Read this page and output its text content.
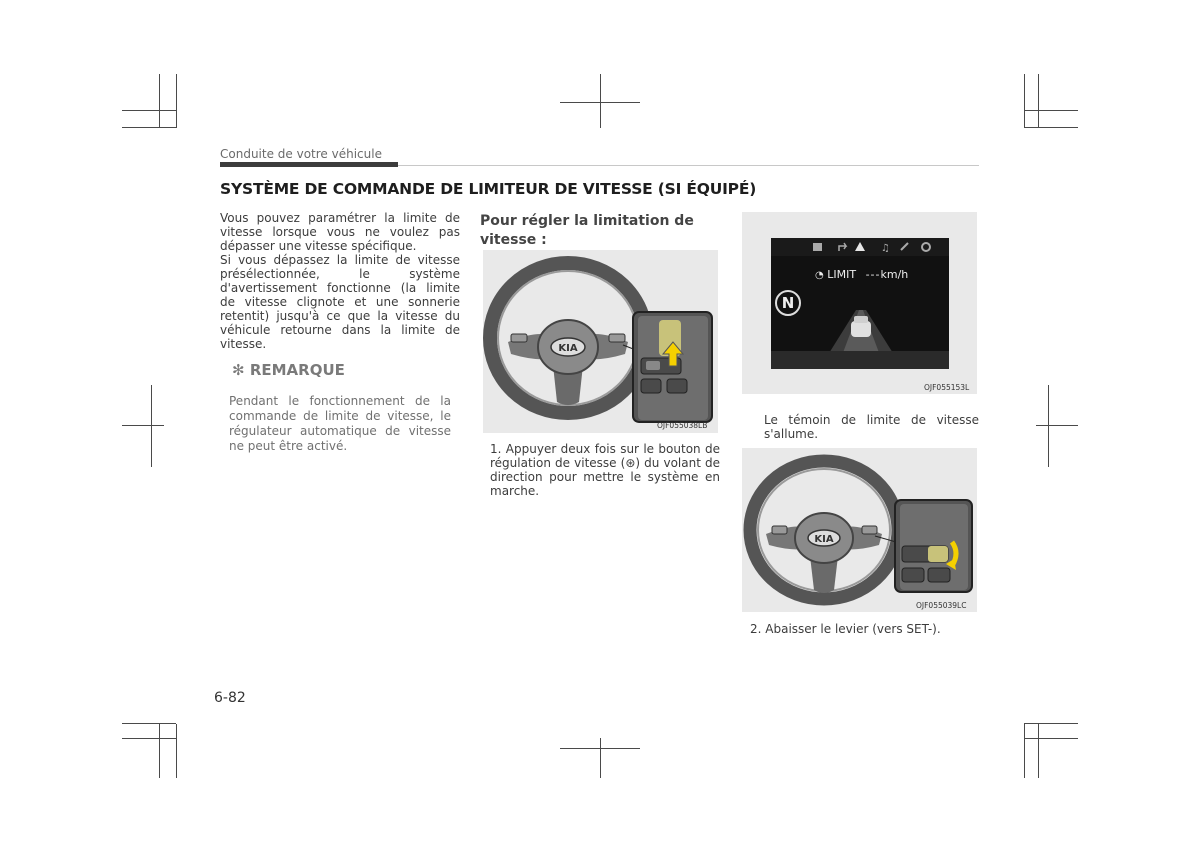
Conduite de votre véhicule
SYSTÈME DE COMMANDE DE LIMITEUR DE VITESSE (SI ÉQUIPÉ)
Vous pouvez paramétrer la limite de vitesse lorsque vous ne voulez pas dépasser une vitesse spécifique.
Si vous dépassez la limite de vitesse présélectionnée, le système d'avertissement fonctionne (la limite de vitesse clignote et une sonnerie retentit) jusqu'à ce que la vitesse du véhicule retourne dans la limite de vitesse.
✻ REMARQUE
Pendant le fonctionnement de la commande de limite de vitesse, le régulateur automatique de vitesse ne peut être activé.
Pour régler la limitation de vitesse :
KIA
OJF055038LB
1. Appuyer deux fois sur le bouton de régulation de vitesse (⊛) du volant de direction pour mettre le système en marche.
♫
N
◔ LIMIT ---km/h
OJF055153L
Le témoin de limite de vitesse s'allume.
KIA
OJF055039LC
2. Abaisser le levier (vers SET-).
6-82
